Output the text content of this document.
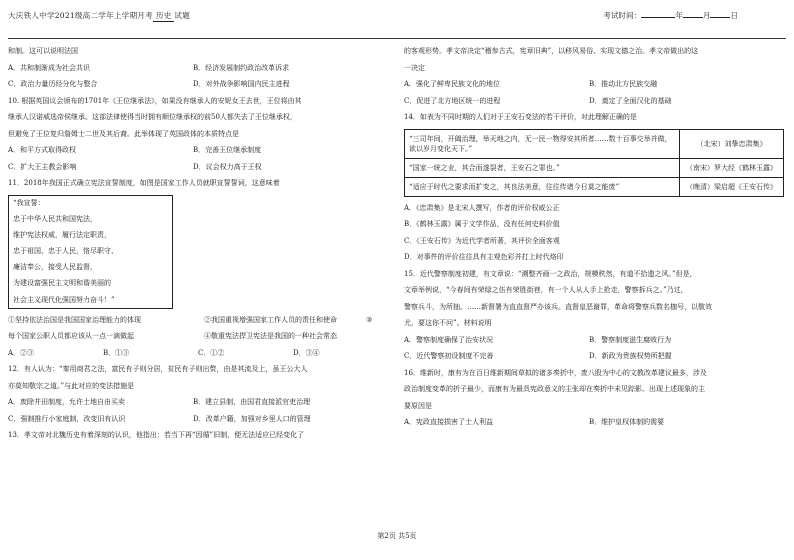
大庆铁人中学2021级高二学年上学期月考 历史 试题	考试时间：	年	月	日
和制。这可以说明法国
A．共和制渐成为社会共识	B．经济发展制约政治改革诉求
C．政治力量历经分化与整合	D．对外战争影响国内民主进程
10. 根据英国议会颁布的1701年《王位继承法》，如果没有继承人的安妮女王去世，王位将由其
继承人汉诺威选帝侯继承。这部法律使得当时拥有顺位继承权的前50人都失去了王位继承权，
但避免了王位复归詹姆士二世及其后裔。此举体现了英国政体的本质特点是
A．和平方式取得政权	B．完善王位继承制度
C．扩大王主教会影响	D．议会权力高于王权
11．2018年我国正式确立宪法宣誓制度，如图是国家工作人员就职宣誓誓词，这意味着
“我宣誓：
忠于中华人民共和国宪法，
维护宪法权威，履行法定职责，
忠于祖国、忠于人民，恪尽职守、
廉洁奉公，接受人民监督，
为建设富强民主文明和谐美丽的
社会主义现代化强国努力奋斗！”
①坚持依法治国是我国国家治理能力的体现	②我国重视增强国家工作人员的责任和使命	③
每个国家公职人员都应该从一点一滴做起	④敬重宪法捍卫宪法是我国的一种社会常态
A．②③	B．①③	C．①②	D．③④
12．有人认为：“秦用商君之法，富民有子则分居，贫民有子则出赘，由是其流及上，虽王公大人
亦莫知敬宗之道。”与此对应的变法措施是
A．废除井田制度，允许土地自由买卖	B．建立县制，由国君直接派官吏治理
C．强制推行小家庭制，改变旧有认识	D．改革户籍，加强对乡里人口的管理
13．孝文帝对北魏历史有着深刻的认识，他指出：若当下再“因循”旧制，便无法适应已经变化了
的客观形势。孝文帝决定“稽参古式，宪章旧典”，以移风易俗、实现文德之治。孝文帝做出的这
一决定
A．强化了鲜卑民族文化的地位	B．推动北方民族交融
C．促进了北方地区统一的进程	D．奠定了全面汉化的基础
14．如表为不同时期的人们对于王安石变法的若干评价，对此理解正确的是
“三司年间，开阖治理，举天地之内，无一民一物得安其所者……数十百事交举并做，欲以岁月变化天下。”	（北宋）刘挚忠肃集》
“国家一统之业，其合而遂裂者，王安石之罪也。”	（南宋）罗大经《鹤林玉露》
“适应于时代之要求而扩变之，其良法美意，往往传诸今日莫之能废”	（晚清）梁启超《王安石传》
A．《忠肃集》是北宋人撰写，作者的评价权威公正
B．《鹤林玉露》属于文学作品，没有任何史料价值
C．《王安石传》为近代学者所著，其评价全面客观
D．对事件的评价往往具有主观色彩并打上时代烙印
15．近代警察制度初建，有文章说：“溯整齐画一之政治，规模秩然，有道不拾遗之风。”但是，
文章举例说，“今春间有荣绿之伍有荣胜街巷，有一个人从人手上抢走，警察拆兵之。”乃过，
警察兵斗，为所抽。……新督署为直直督严办该兵。直督皇恶谢罪，革命将警察兵数名枷号，以敬效
尤，要这你不问”。材料说明
A．警察制度确保了治安状况	B．警察制度滋生腐败行为
C．近代警察初设制度不完善	D．新政为贵族权势所把握
16．维新时，康有为在百日维新期间草拟的诸多奏折中，废八股为中心的文教改革建议最多，涉及
政治制度变革的折子最少，而康有为最具宪政意义的主张却在奏折中未见踪影。出现上述现象的主
要原因是
A．宪政直接损害了士人利益	B．维护皇权体制的需要
第2页 共5页
